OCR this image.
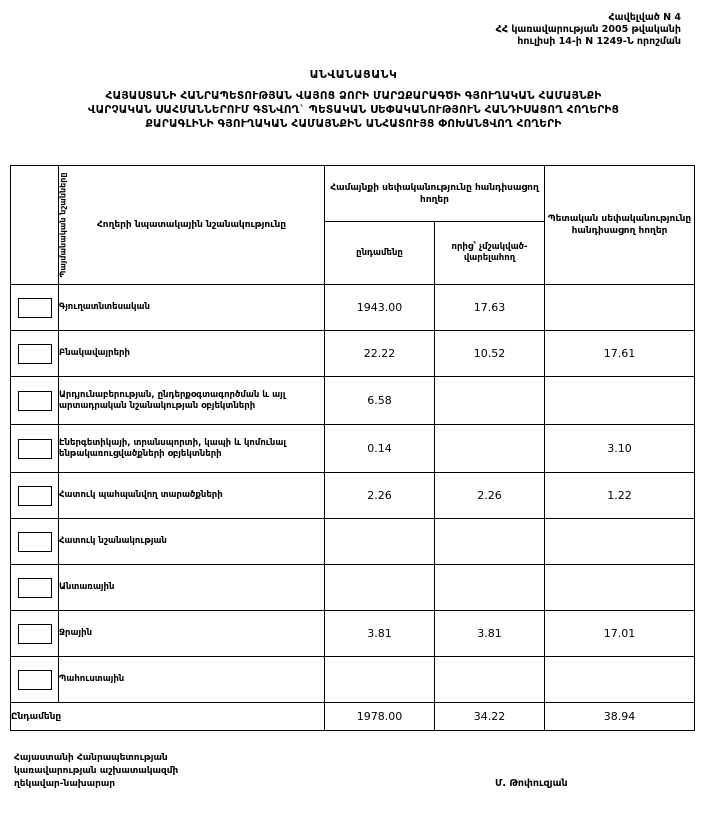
Հավելված N 4
ՀՀ կառավարության 2005 թվականի
հուլիսի 14-ի N 1249-Ն որոշման
ԱՆՎԱՆԱՑԱՆԿ
ՀԱՅԱՍՏԱՆԻ ՀԱՆՐԱՊԵՏՈՒԹՅԱՆ ՎԱՅՈՑ ՁՈՐԻ ՄԱՐԶՔԱՐԱԳԾԻ ԳՅՈՒՂԱԿԱՆ ՀԱՄԱՅՆՔԻ
ՎԱՐՉԱԿԱՆ ՍԱՀՄԱՆՆԵՐՈՒՄ ԳՏՆՎՈՂ` ՊԵՏԱԿԱՆ ՍԵՓԱԿԱՆՈՒԹՅՈՒՆ ՀԱՆԴԻՍԱՑՈՂ ՀՈՂԵՐԻՑ
ՔԱՐԱԳԼԻՆԻ ԳՅՈՒՂԱԿԱՆ ՀԱՄԱՅՆՔԻՆ ԱՆՀԱՏՈՒՅՑ ՓՈԽԱՆՑՎՈՂ ՀՈՂԵՐԻ
Պայմանական նշանները	Հողերի նպատակային նշանակությունը	Համայնքի սեփականությունը հանդիսացող հողեր		Պետական սեփականությունը հանդիսացող հողեր
		ընդամենը	որից՝ չմշակված-վարելահող	

	Գյուղատնտեսական	1943.00	17.63	

	Բնակավայրերի	22.22	10.52	17.61

	Արդյունաբերության, ընդերքօգտագործման և այլ արտադրական նշանակության օբյեկտների	6.58		

	Էներգետիկայի, տրանսպորտի, կապի և կոմունալ ենթակառուցվածքների օբյեկտների	0.14		3.10

	Հատուկ պահպանվող տարածքների	2.26	2.26	1.22

	Հատուկ նշանակության			

	Անտառային			

	Ջրային	3.81	3.81	17.01

	Պահուստային			
Ընդամենը		1978.00	34.22	38.94
Հայաստանի Հանրապետության
կառավարության աշխատակազմի
ղեկավար-նախարար	Մ. Թոփուզյան
